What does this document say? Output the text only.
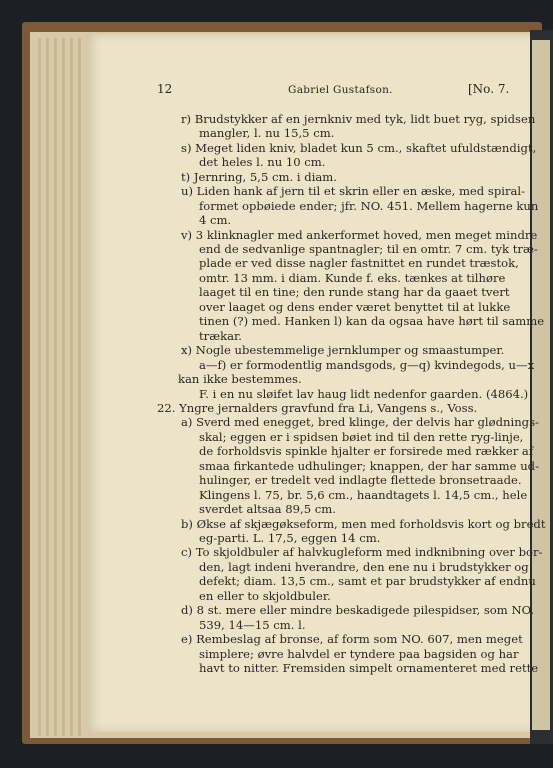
12	Gabriel Gustafson.	[No. 7.
r) Brudstykker af en jernkniv med tyk, lidt buet ryg, spidsen
mangler, l. nu 15,5 cm.
s) Meget liden kniv, bladet kun 5 cm., skaftet ufuldstændigt,
det heles l. nu 10 cm.
t) Jernring, 5,5 cm. i diam.
u) Liden hank af jern til et skrin eller en æske, med spiral-
formet opbøiede ender; jfr. NO. 451. Mellem hagerne kun
4 cm.
v) 3 klinknagler med ankerformet hoved, men meget mindre
end de sedvanlige spantnagler; til en omtr. 7 cm. tyk træ-
plade er ved disse nagler fastnittet en rundet træstok,
omtr. 13 mm. i diam. Kunde f. eks. tænkes at tilhøre
laaget til en tine; den runde stang har da gaaet tvert
over laaget og dens ender været benyttet til at lukke
tinen (?) med. Hanken l) kan da ogsaa have hørt til samme
trækar.
x) Nogle ubestemmelige jernklumper og smaastumper.
a—f) er formodentlig mandsgods, g—q) kvindegods, u—x
kan ikke bestemmes.
F. i en nu sløifet lav haug lidt nedenfor gaarden. (4864.)
22. Yngre jernalders gravfund fra Li, Vangens s., Voss.
a) Sverd med enegget, bred klinge, der delvis har glødnings-
skal; eggen er i spidsen bøiet ind til den rette ryg-linje,
de forholdsvis spinkle hjalter er forsirede med rækker af
smaa firkantede udhulinger; knappen, der har samme ud-
hulinger, er tredelt ved indlagte flettede bronsetraade.
Klingens l. 75, br. 5,6 cm., haandtagets l. 14,5 cm., hele
sverdet altsaa 89,5 cm.
b) Økse af skjægøkseform, men med forholdsvis kort og bredt
eg-parti. L. 17,5, eggen 14 cm.
c) To skjoldbuler af halvkugleform med indknibning over bor-
den, lagt indeni hverandre, den ene nu i brudstykker og
defekt; diam. 13,5 cm., samt et par brudstykker af endnu
en eller to skjoldbuler.
d) 8 st. mere eller mindre beskadigede pilespidser, som NO.
539, 14—15 cm. l.
e) Rembeslag af bronse, af form som NO. 607, men meget
simplere; øvre halvdel er tyndere paa bagsiden og har
havt to nitter. Fremsiden simpelt ornamenteret med rette
